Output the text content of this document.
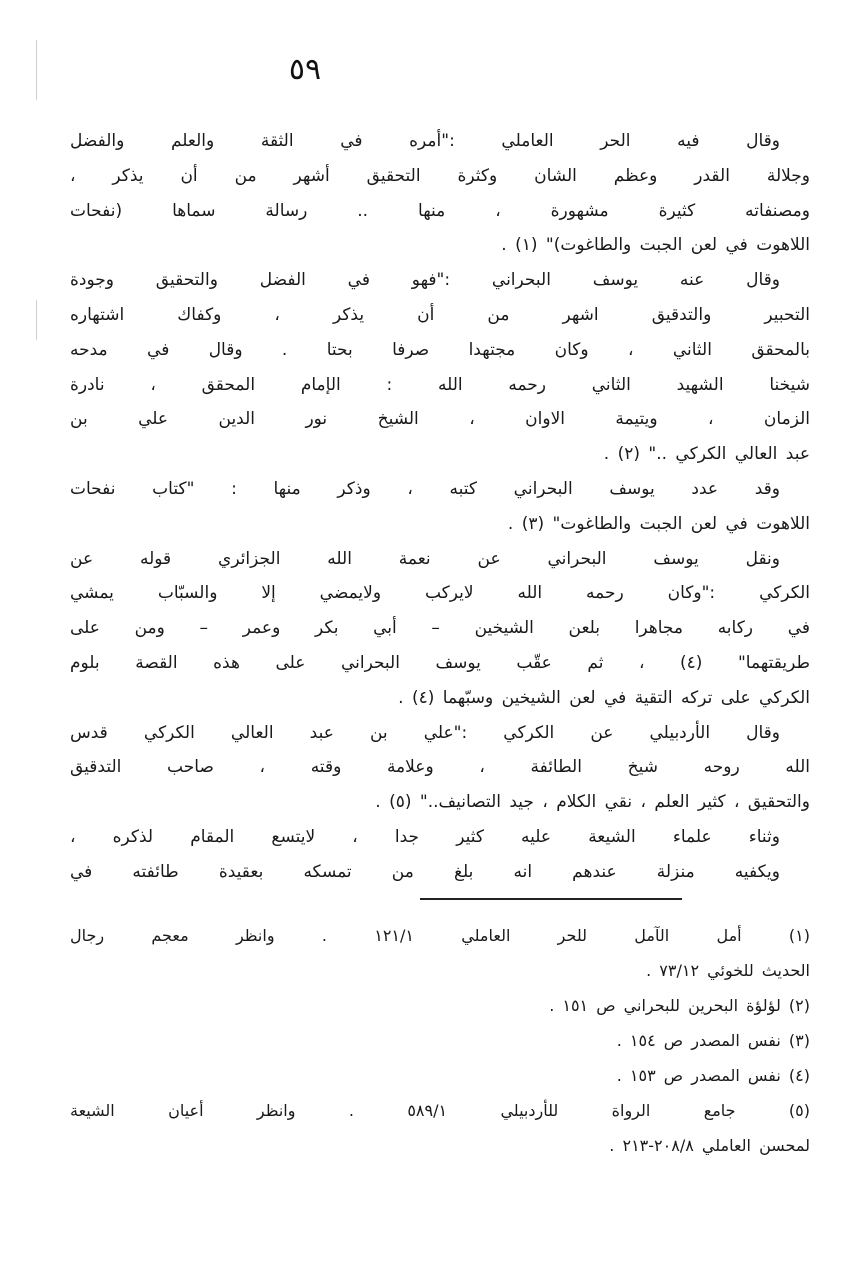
٥٩
وقال فيه الحر العاملي :"أمره في الثقة والعلم والفضل
وجلالة القدر وعظم الشان وكثرة التحقيق أشهر من أن يذكر ،
ومصنفاته كثيرة مشهورة ، منها .. رسالة سماها (نفحات
اللاهوت في لعن الجبت والطاغوت)" (١) .
وقال عنه يوسف البحراني :"فهو في الفضل والتحقيق وجودة
التحبير والتدقيق اشهر من أن يذكر ، وكفاك اشتهاره
بالمحقق الثاني ، وكان مجتهدا صرفا بحتا . وقال في مدحه
شيخنا الشهيد الثاني رحمه الله : الإمام المحقق ، نادرة
الزمان ، ويتيمة الاوان ، الشيخ نور الدين علي بن
عبد العالي الكركي .." (٢) .
وقد عدد يوسف البحراني كتبه ، وذكر منها : "كتاب نفحات
اللاهوت في لعن الجبت والطاغوت" (٣) .
ونقل يوسف البحراني عن نعمة الله الجزائري قوله عن
الكركي :"وكان رحمه الله لايركب ولايمضي إلا والسبّاب يمشي
في ركابه مجاهرا بلعن الشيخين – أبي بكر وعمر – ومن على
طريقتهما" (٤) ، ثم عقّب يوسف البحراني على هذه القصة بلوم
الكركي على تركه التقية في لعن الشيخين وسبّهما (٤) .
وقال الأردبيلي عن الكركي :"علي بن عبد العالي الكركي قدس
الله روحه شيخ الطائفة ، وعلامة وقته ، صاحب التدقيق
والتحقيق ، كثير العلم ، نقي الكلام ، جيد التصانيف.." (٥) .
وثناء علماء الشيعة عليه كثير جدا ، لايتسع المقام لذكره ،
ويكفيه منزلة عندهم انه بلغ من تمسكه بعقيدة طائفته في
(١) أمل الآمل للحر العاملي ١٢١/١ . وانظر معجم رجال
الحديث للخوئي ٧٣/١٢ .
(٢) لؤلؤة البحرين للبحراني ص ١٥١ .
(٣) نفس المصدر ص ١٥٤ .
(٤) نفس المصدر ص ١٥٣ .
(٥) جامع الرواة للأردبيلي ٥٨٩/١ . وانظر أعيان الشيعة
لمحسن العاملي ٢٠٨/٨-٢١٣ .
